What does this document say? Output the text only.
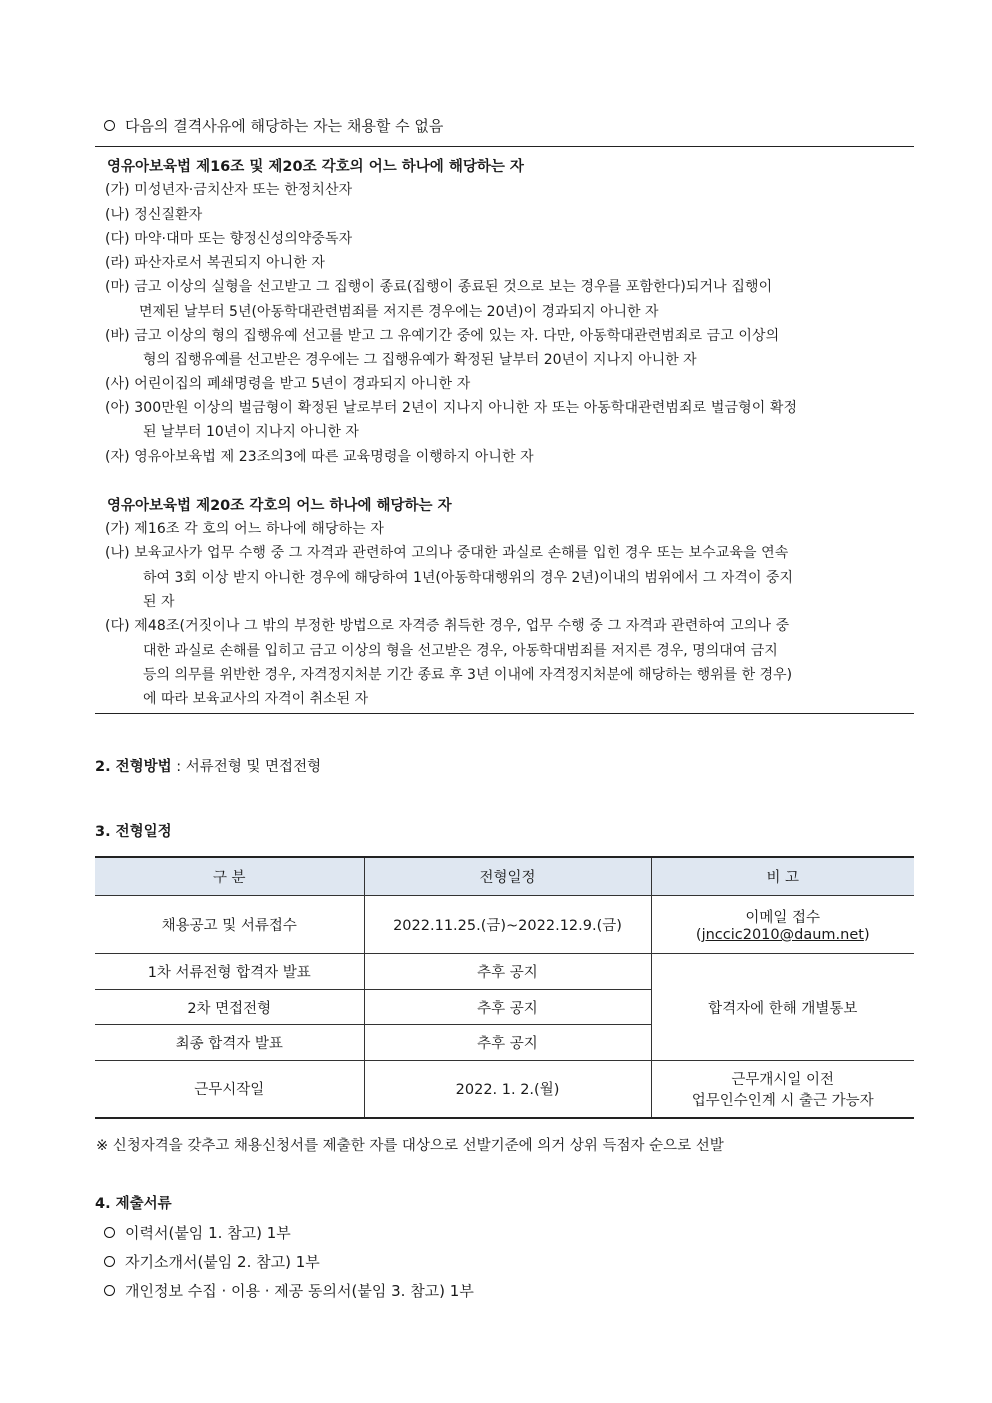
다음의 결격사유에 해당하는 자는 채용할 수 없음
영유아보육법 제16조 및 제20조 각호의 어느 하나에 해당하는 자
(가) 미성년자·금치산자 또는 한정치산자
(나) 정신질환자
(다) 마약·대마 또는 향정신성의약중독자
(라) 파산자로서 복권되지 아니한 자
(마) 금고 이상의 실형을 선고받고 그 집행이 종료(집행이 종료된 것으로 보는 경우를 포함한다)되거나 집행이
면제된 날부터 5년(아동학대관련범죄를 저지른 경우에는 20년)이 경과되지 아니한 자
(바) 금고 이상의 형의 집행유예 선고를 받고 그 유예기간 중에 있는 자. 다만, 아동학대관련범죄로 금고 이상의
형의 집행유예를 선고받은 경우에는 그 집행유예가 확정된 날부터 20년이 지나지 아니한 자
(사) 어린이집의 폐쇄명령을 받고 5년이 경과되지 아니한 자
(아) 300만원 이상의 벌금형이 확정된 날로부터 2년이 지나지 아니한 자 또는 아동학대관련범죄로 벌금형이 확정
된 날부터 10년이 지나지 아니한 자
(자) 영유아보육법 제 23조의3에 따른 교육명령을 이행하지 아니한 자
영유아보육법 제20조 각호의 어느 하나에 해당하는 자
(가) 제16조 각 호의 어느 하나에 해당하는 자
(나) 보육교사가 업무 수행 중 그 자격과 관련하여 고의나 중대한 과실로 손해를 입힌 경우 또는 보수교육을 연속
하여 3회 이상 받지 아니한 경우에 해당하여 1년(아동학대행위의 경우 2년)이내의 범위에서 그 자격이 중지
된 자
(다) 제48조(거짓이나 그 밖의 부정한 방법으로 자격증 취득한 경우, 업무 수행 중 그 자격과 관련하여 고의나 중
대한 과실로 손해를 입히고 금고 이상의 형을 선고받은 경우, 아동학대범죄를 저지른 경우, 명의대여 금지
등의 의무를 위반한 경우, 자격정지처분 기간 종료 후 3년 이내에 자격정지처분에 해당하는 행위를 한 경우)
에 따라 보육교사의 자격이 취소된 자
2. 전형방법 : 서류전형 및 면접전형
3. 전형일정
구 분	전형일정	비 고
채용공고 및 서류접수	2022.11.25.(금)~2022.12.9.(금)	이메일 접수
(jnccic2010@daum.net)

1차 서류전형 합격자 발표	추후 공지	합격자에 한해 개별통보
2차 면접전형	추후 공지	
최종 합격자 발표	추후 공지	
근무시작일	2022. 1. 2.(월)	근무개시일 이전
업무인수인계 시 출근 가능자
※ 신청자격을 갖추고 채용신청서를 제출한 자를 대상으로 선발기준에 의거 상위 득점자 순으로 선발
4. 제출서류
이력서(붙임 1. 참고) 1부
자기소개서(붙임 2. 참고) 1부
개인정보 수집 · 이용 · 제공 동의서(붙임 3. 참고) 1부
